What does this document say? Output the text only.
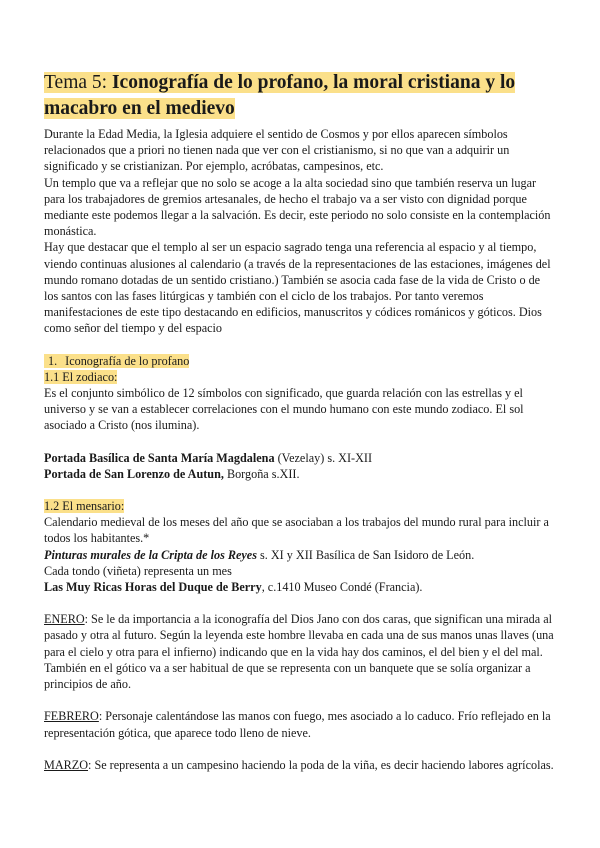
Tema 5: Iconografía de lo profano, la moral cristiana y lo macabro en el medievo

Durante la Edad Media, la Iglesia adquiere el sentido de Cosmos y por ellos aparecen símbolos relacionados que a priori no tienen nada que ver con el cristianismo, si no que van a adquirir un significado y se cristianizan. Por ejemplo, acróbatas, campesinos, etc.

Un templo que va a reflejar que no solo se acoge a la alta sociedad sino que también reserva un lugar para los trabajadores de gremios artesanales, de hecho el trabajo va a ser visto con dignidad porque mediante este podemos llegar a la salvación. Es decir, este periodo no solo consiste en la contemplación monástica.

Hay que destacar que el templo al ser un espacio sagrado tenga una referencia al espacio y al tiempo, viendo continuas alusiones al calendario (a través de la representaciones de las estaciones, imágenes del mundo romano dotadas de un sentido cristiano.) También se asocia cada fase de la vida de Cristo o de los santos con las fases litúrgicas y también con el ciclo de los trabajos. Por tanto veremos manifestaciones de este tipo destacando en edificios, manuscritos y códices románicos y góticos. Dios como señor del tiempo y del espacio

1. Iconografía de lo profano

1.1 El zodiaco:

Es el conjunto simbólico de 12 símbolos con significado, que guarda relación con las estrellas y el universo y se van a establecer correlaciones con el mundo humano con este mundo zodiaco. El sol asociado a Cristo (nos ilumina).

Portada Basílica de Santa María Magdalena (Vezelay) s. XI-XII

Portada de San Lorenzo de Autun, Borgoña s.XII.

1.2 El mensario:

Calendario medieval de los meses del año que se asociaban a los trabajos del mundo rural para incluir a todos los habitantes.*

Pinturas murales de la Cripta de los Reyes s. XI y XII Basílica de San Isidoro de León.

Cada tondo (viñeta) representa un mes

Las Muy Ricas Horas del Duque de Berry, c.1410 Museo Condé (Francia).

ENERO: Se le da importancia a la iconografía del Dios Jano con dos caras, que significan una mirada al pasado y otra al futuro. Según la leyenda este hombre llevaba en cada una de sus manos unas llaves (una para el cielo y otra para el infierno) indicando que en la vida hay dos caminos, el del bien y el del mal. También en el gótico va a ser habitual de que se representa con un banquete que se solía organizar a principios de año.

FEBRERO: Personaje calentándose las manos con fuego, mes asociado a lo caduco. Frío reflejado en la representación gótica, que aparece todo lleno de nieve.

MARZO: Se representa a un campesino haciendo la poda de la viña, es decir haciendo labores agrícolas.
